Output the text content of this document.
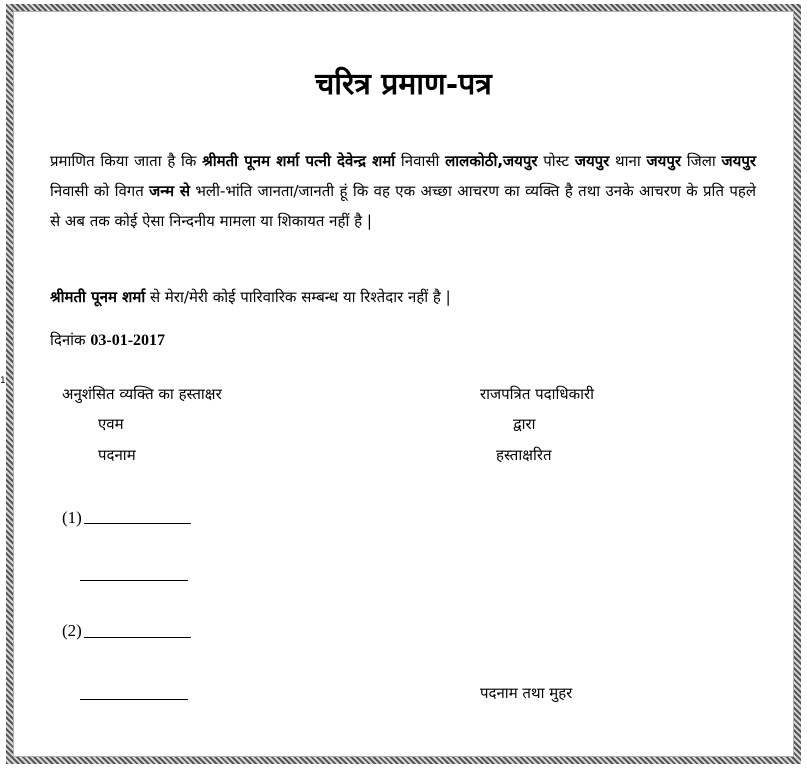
1
चरित्र प्रमाण-पत्र
प्रमाणित किया जाता है कि श्रीमती पूनम शर्मा पत्नी देवेन्द्र शर्मा निवासी लालकोठी,जयपुर पोस्ट जयपुर थाना जयपुर जिला जयपुर निवासी को विगत जन्म से भली-भांति जानता/जानती हूं कि वह एक अच्छा आचरण का व्यक्ति है तथा उनके आचरण के प्रति पहले से अब तक कोई ऐसा निन्दनीय मामला या शिकायत नहीं है |
श्रीमती पूनम शर्मा से मेरा/मेरी कोई पारिवारिक सम्बन्ध या रिश्तेदार नहीं है |
दिनांक 03-01-2017
अनुशंसित व्यक्ति का हस्ताक्षर
एवम
पदनाम
राजपत्रित पदाधिकारी
द्वारा
हस्ताक्षरित
(1)
(2)
पदनाम तथा मुहर
